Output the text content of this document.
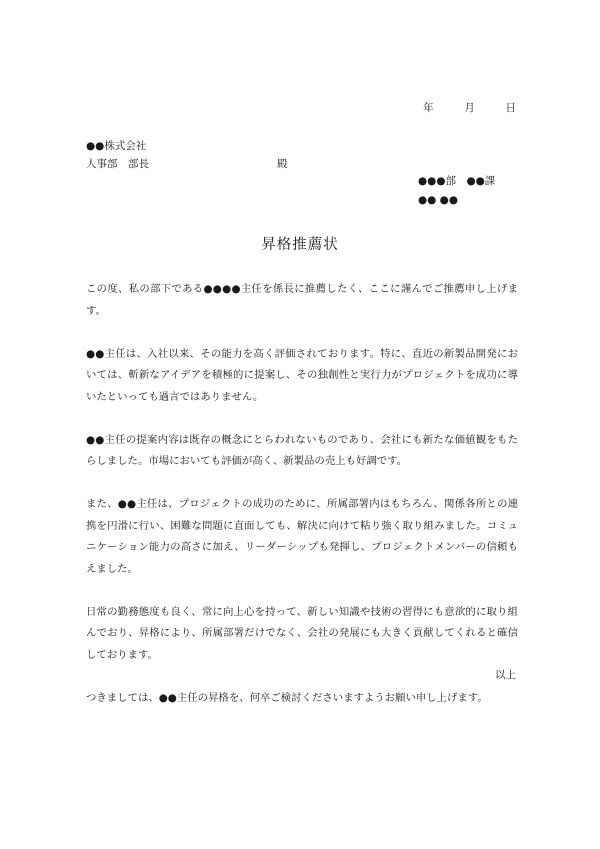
年	月	日
●●株式会社
人事部　部長	殿
●●●部　●●課
●● ●●
昇格推薦状

この度、私の部下である●●●●主任を係長に推薦したく、ここに謹んでご推薦申し上げます。

●●主任は、入社以来、その能力を高く評価されております。特に、直近の新製品開発においては、斬新なアイデアを積極的に提案し、その独創性と実行力がプロジェクトを成功に導いたといっても過言ではありません。

●●主任の提案内容は既存の概念にとらわれないものであり、会社にも新たな価値観をもたらしました。市場においても評価が高く、新製品の売上も好調です。

また、●●主任は、プロジェクトの成功のために、所属部署内はもちろん、関係各所との連携を円滑に行い、困難な問題に直面しても、解決に向けて粘り強く取り組みました。コミュニケーション能力の高さに加え、リーダーシップも発揮し、プロジェクトメンバーの信頼もえました。

日常の勤務態度も良く、常に向上心を持って、新しい知識や技術の習得にも意欲的に取り組んでおり、昇格により、所属部署だけでなく、会社の発展にも大きく貢献してくれると確信しております。

つきましては、●●主任の昇格を、何卒ご検討くださいますようお願い申し上げます。

以上
